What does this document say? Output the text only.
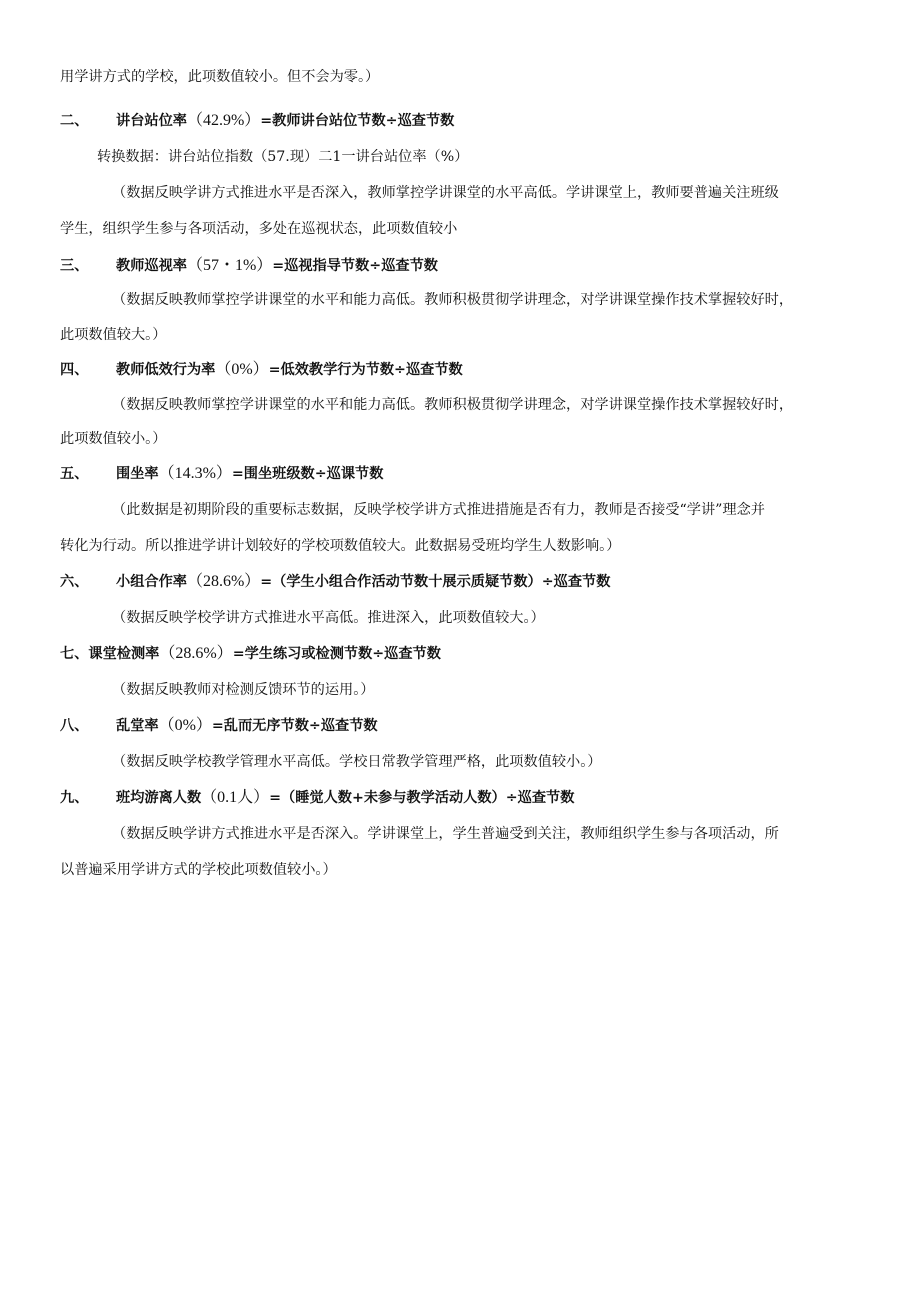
用学讲方式的学校，此项数值较小。但不会为零。）
二、 讲台站位率（42.9%）=教师讲台站位节数÷巡查节数
转换数据：讲台站位指数（57.现）二1一讲台站位率（%）
（数据反映学讲方式推进水平是否深入，教师掌控学讲课堂的水平高低。学讲课堂上，教师要普遍关注班级
学生，组织学生参与各项活动，多处在巡视状态，此项数值较小
三、 教师巡视率（57・1%）=巡视指导节数÷巡查节数
（数据反映教师掌控学讲课堂的水平和能力高低。教师积极贯彻学讲理念，对学讲课堂操作技术掌握较好时，
此项数值较大。）
四、 教师低效行为率（0%）=低效教学行为节数÷巡查节数
（数据反映教师掌控学讲课堂的水平和能力高低。教师积极贯彻学讲理念，对学讲课堂操作技术掌握较好时，
此项数值较小。）
五、 围坐率（14.3%）=围坐班级数÷巡课节数
（此数据是初期阶段的重要标志数据，反映学校学讲方式推进措施是否有力，教师是否接受“学讲”理念并
转化为行动。所以推进学讲计划较好的学校项数值较大。此数据易受班均学生人数影响。）
六、 小组合作率（28.6%）=（学生小组合作活动节数十展示质疑节数）÷巡查节数
（数据反映学校学讲方式推进水平高低。推进深入，此项数值较大。）
七、课堂检测率（28.6%）=学生练习或检测节数÷巡查节数
（数据反映教师对检测反馈环节的运用。）
八、 乱堂率（0%）=乱而无序节数÷巡查节数
（数据反映学校教学管理水平高低。学校日常教学管理严格，此项数值较小。）
九、 班均游离人数（0.1人）=（睡觉人数+未参与教学活动人数）÷巡查节数
（数据反映学讲方式推进水平是否深入。学讲课堂上，学生普遍受到关注，教师组织学生参与各项活动，所
以普遍采用学讲方式的学校此项数值较小。）
